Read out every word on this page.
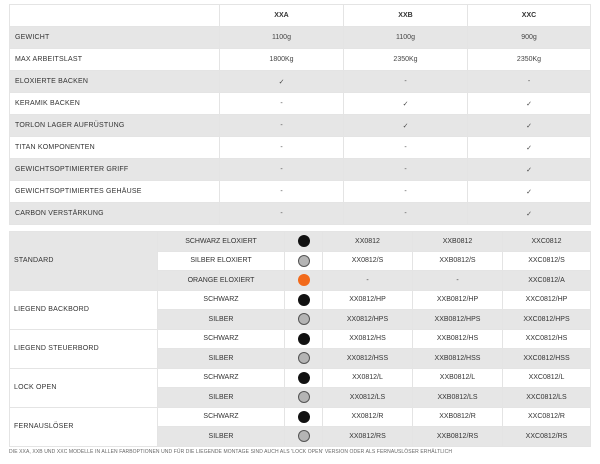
	XXA	XXB	XXC
GEWICHT	1100g	1100g	900g
MAX ARBEITSLAST	1800Kg	2350Kg	2350Kg
ELOXIERTE BACKEN	✓	-	-
KERAMIK BACKEN	-	✓	✓
TORLON LAGER AUFRÜSTUNG	-	✓	✓
TITAN KOMPONENTEN	-	-	✓
GEWICHTSOPTIMIERTER GRIFF	-	-	✓
GEWICHTSOPTIMIERTES GEHÄUSE	-	-	✓
CARBON VERSTÄRKUNG	-	-	✓
STANDARD	SCHWARZ ELOXIERT		XX0812	XXB0812	XXC0812
	SILBER ELOXIERT		XX0812/S	XXB0812/S	XXC0812/S
	ORANGE ELOXIERT		-	-	XXC0812/A
LIEGEND BACKBORD	SCHWARZ		XX0812/HP	XXB0812/HP	XXC0812/HP
	SILBER		XX0812/HPS	XXB0812/HPS	XXC0812/HPS
LIEGEND STEUERBORD	SCHWARZ		XX0812/HS	XXB0812/HS	XXC0812/HS
	SILBER		XX0812/HSS	XXB0812/HSS	XXC0812/HSS
LOCK OPEN	SCHWARZ		XX0812/L	XXB0812/L	XXC0812/L
	SILBER		XX0812/LS	XXB0812/LS	XXC0812/LS
FERNAUSLÖSER	SCHWARZ		XX0812/R	XXB0812/R	XXC0812/R
	SILBER		XX0812/RS	XXB0812/RS	XXC0812/RS
DIE XXA, XXB UND XXC MODELLE IN ALLEN FARBOPTIONEN UND FÜR DIE LIEGENDE MONTAGE SIND AUCH ALS 'LOCK OPEN' VERSION ODER ALS FERNAUSLÖSER ERHÄLTLICH
